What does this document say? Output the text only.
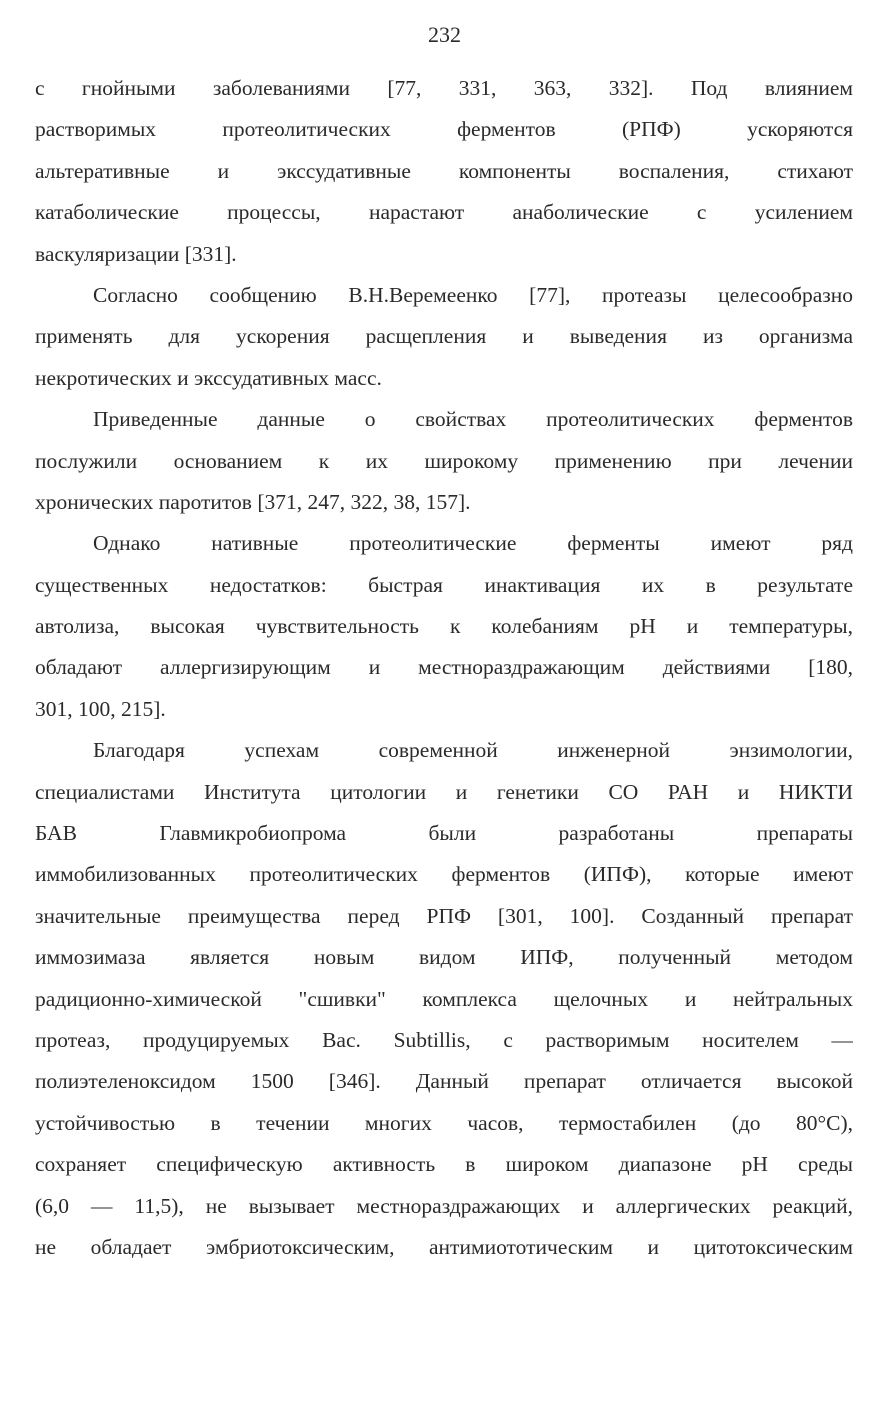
232
с гнойными заболеваниями [77, 331, 363, 332]. Под влиянием
растворимых протеолитических ферментов (РПФ) ускоряются
альтеративные и экссудативные компоненты воспаления, стихают
катаболические процессы, нарастают анаболические с усилением
васкуляризации [331].
Согласно сообщению В.Н.Веремеенко [77], протеазы целесообразно
применять для ускорения расщепления и выведения из организма
некротических и экссудативных масс.
Приведенные данные о свойствах протеолитических ферментов
послужили основанием к их широкому применению при лечении
хронических паротитов [371, 247, 322, 38, 157].
Однако нативные протеолитические ферменты имеют ряд
существенных недостатков: быстрая инактивация их в результате
автолиза, высокая чувствительность к колебаниям pH и температуры,
обладают аллергизирующим и местнораздражающим действиями [180,
301, 100, 215].
Благодаря успехам современной инженерной энзимологии,
специалистами Института цитологии и генетики СО РАН и НИКТИ
БАВ Главмикробиопрома были разработаны препараты
иммобилизованных протеолитических ферментов (ИПФ), которые имеют
значительные преимущества перед РПФ [301, 100]. Созданный препарат
иммозимаза является новым видом ИПФ, полученный методом
радиционно-химической "сшивки" комплекса щелочных и нейтральных
протеаз, продуцируемых Вас. Subtillis, с растворимым носителем —
полиэтеленоксидом 1500 [346]. Данный препарат отличается высокой
устойчивостью в течении многих часов, термостабилен (до 80°С),
сохраняет специфическую активность в широком диапазоне pH среды
(6,0 — 11,5), не вызывает местнораздражающих и аллергических реакций,
не обладает эмбриотоксическим, антимиототическим и цитотоксическим
